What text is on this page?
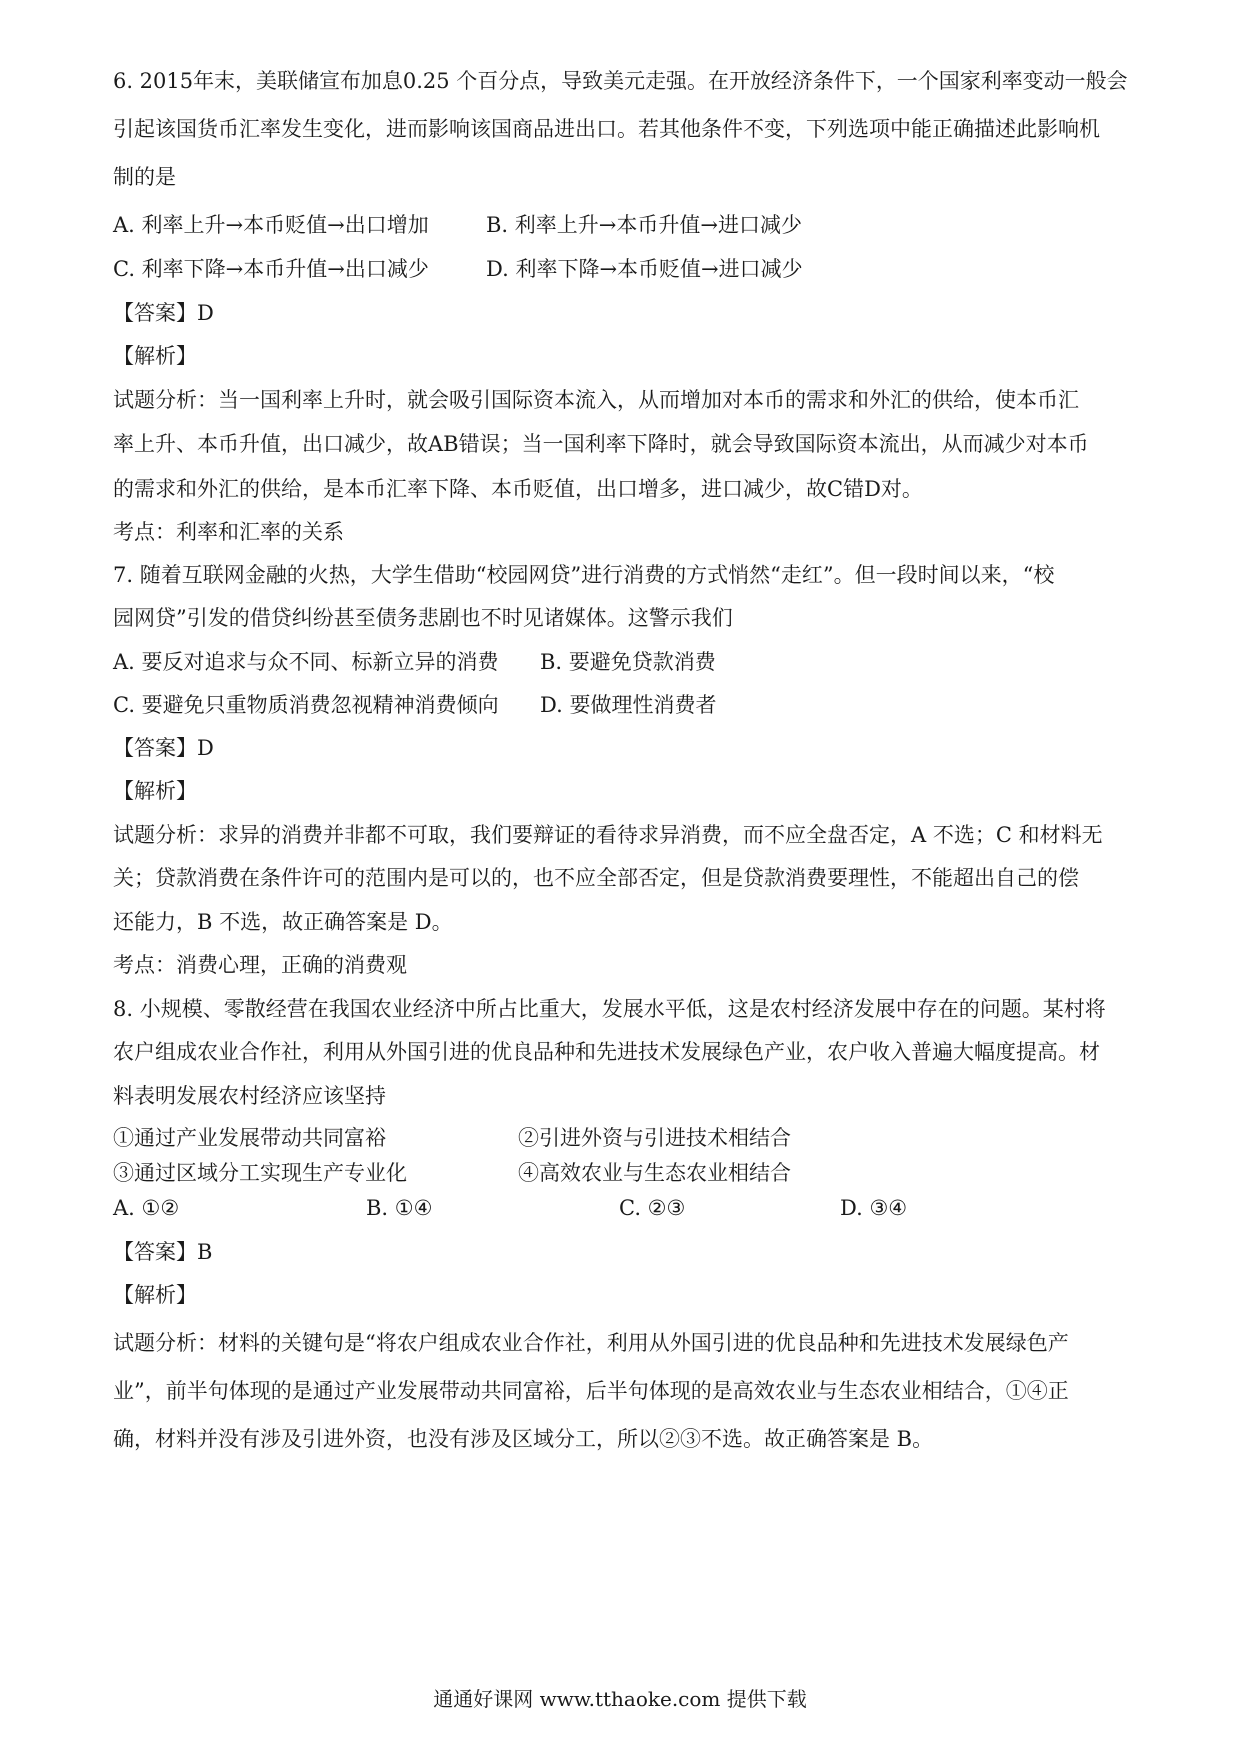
6. 2015年末，美联储宣布加息0.25 个百分点，导致美元走强。在开放经济条件下，一个国家利率变动一般会
引起该国货币汇率发生变化，进而影响该国商品进出口。若其他条件不变，下列选项中能正确描述此影响机
制的是
A. 利率上升→本币贬值→出口增加	B. 利率上升→本币升值→进口减少
C. 利率下降→本币升值→出口减少	D. 利率下降→本币贬值→进口减少
【答案】D
【解析】
试题分析：当一国利率上升时，就会吸引国际资本流入，从而增加对本币的需求和外汇的供给，使本币汇
率上升、本币升值，出口减少，故AB错误；当一国利率下降时，就会导致国际资本流出，从而减少对本币
的需求和外汇的供给，是本币汇率下降、本币贬值，出口增多，进口减少，故C错D对。
考点：利率和汇率的关系
7. 随着互联网金融的火热，大学生借助“校园网贷”进行消费的方式悄然“走红”。但一段时间以来，“校
园网贷”引发的借贷纠纷甚至债务悲剧也不时见诸媒体。这警示我们
A. 要反对追求与众不同、标新立异的消费 B. 要避免贷款消费
C. 要避免只重物质消费忽视精神消费倾向 D. 要做理性消费者
【答案】D
【解析】
试题分析：求异的消费并非都不可取，我们要辩证的看待求异消费，而不应全盘否定，A 不选；C 和材料无
关；贷款消费在条件许可的范围内是可以的，也不应全部否定，但是贷款消费要理性，不能超出自己的偿
还能力，B 不选，故正确答案是 D。
考点：消费心理，正确的消费观
8. 小规模、零散经营在我国农业经济中所占比重大，发展水平低，这是农村经济发展中存在的问题。某村将
农户组成农业合作社，利用从外国引进的优良品种和先进技术发展绿色产业，农户收入普遍大幅度提高。材
料表明发展农村经济应该坚持
①通过产业发展带动共同富裕	②引进外资与引进技术相结合
③通过区域分工实现生产专业化	④高效农业与生态农业相结合
A. ①②	B. ①④	C. ②③	D. ③④
【答案】B
【解析】
试题分析：材料的关键句是“将农户组成农业合作社，利用从外国引进的优良品种和先进技术发展绿色产
业”，前半句体现的是通过产业发展带动共同富裕，后半句体现的是高效农业与生态农业相结合，①④正
确，材料并没有涉及引进外资，也没有涉及区域分工，所以②③不选。故正确答案是 B。
通通好课网 www.tthaoke.com 提供下载
